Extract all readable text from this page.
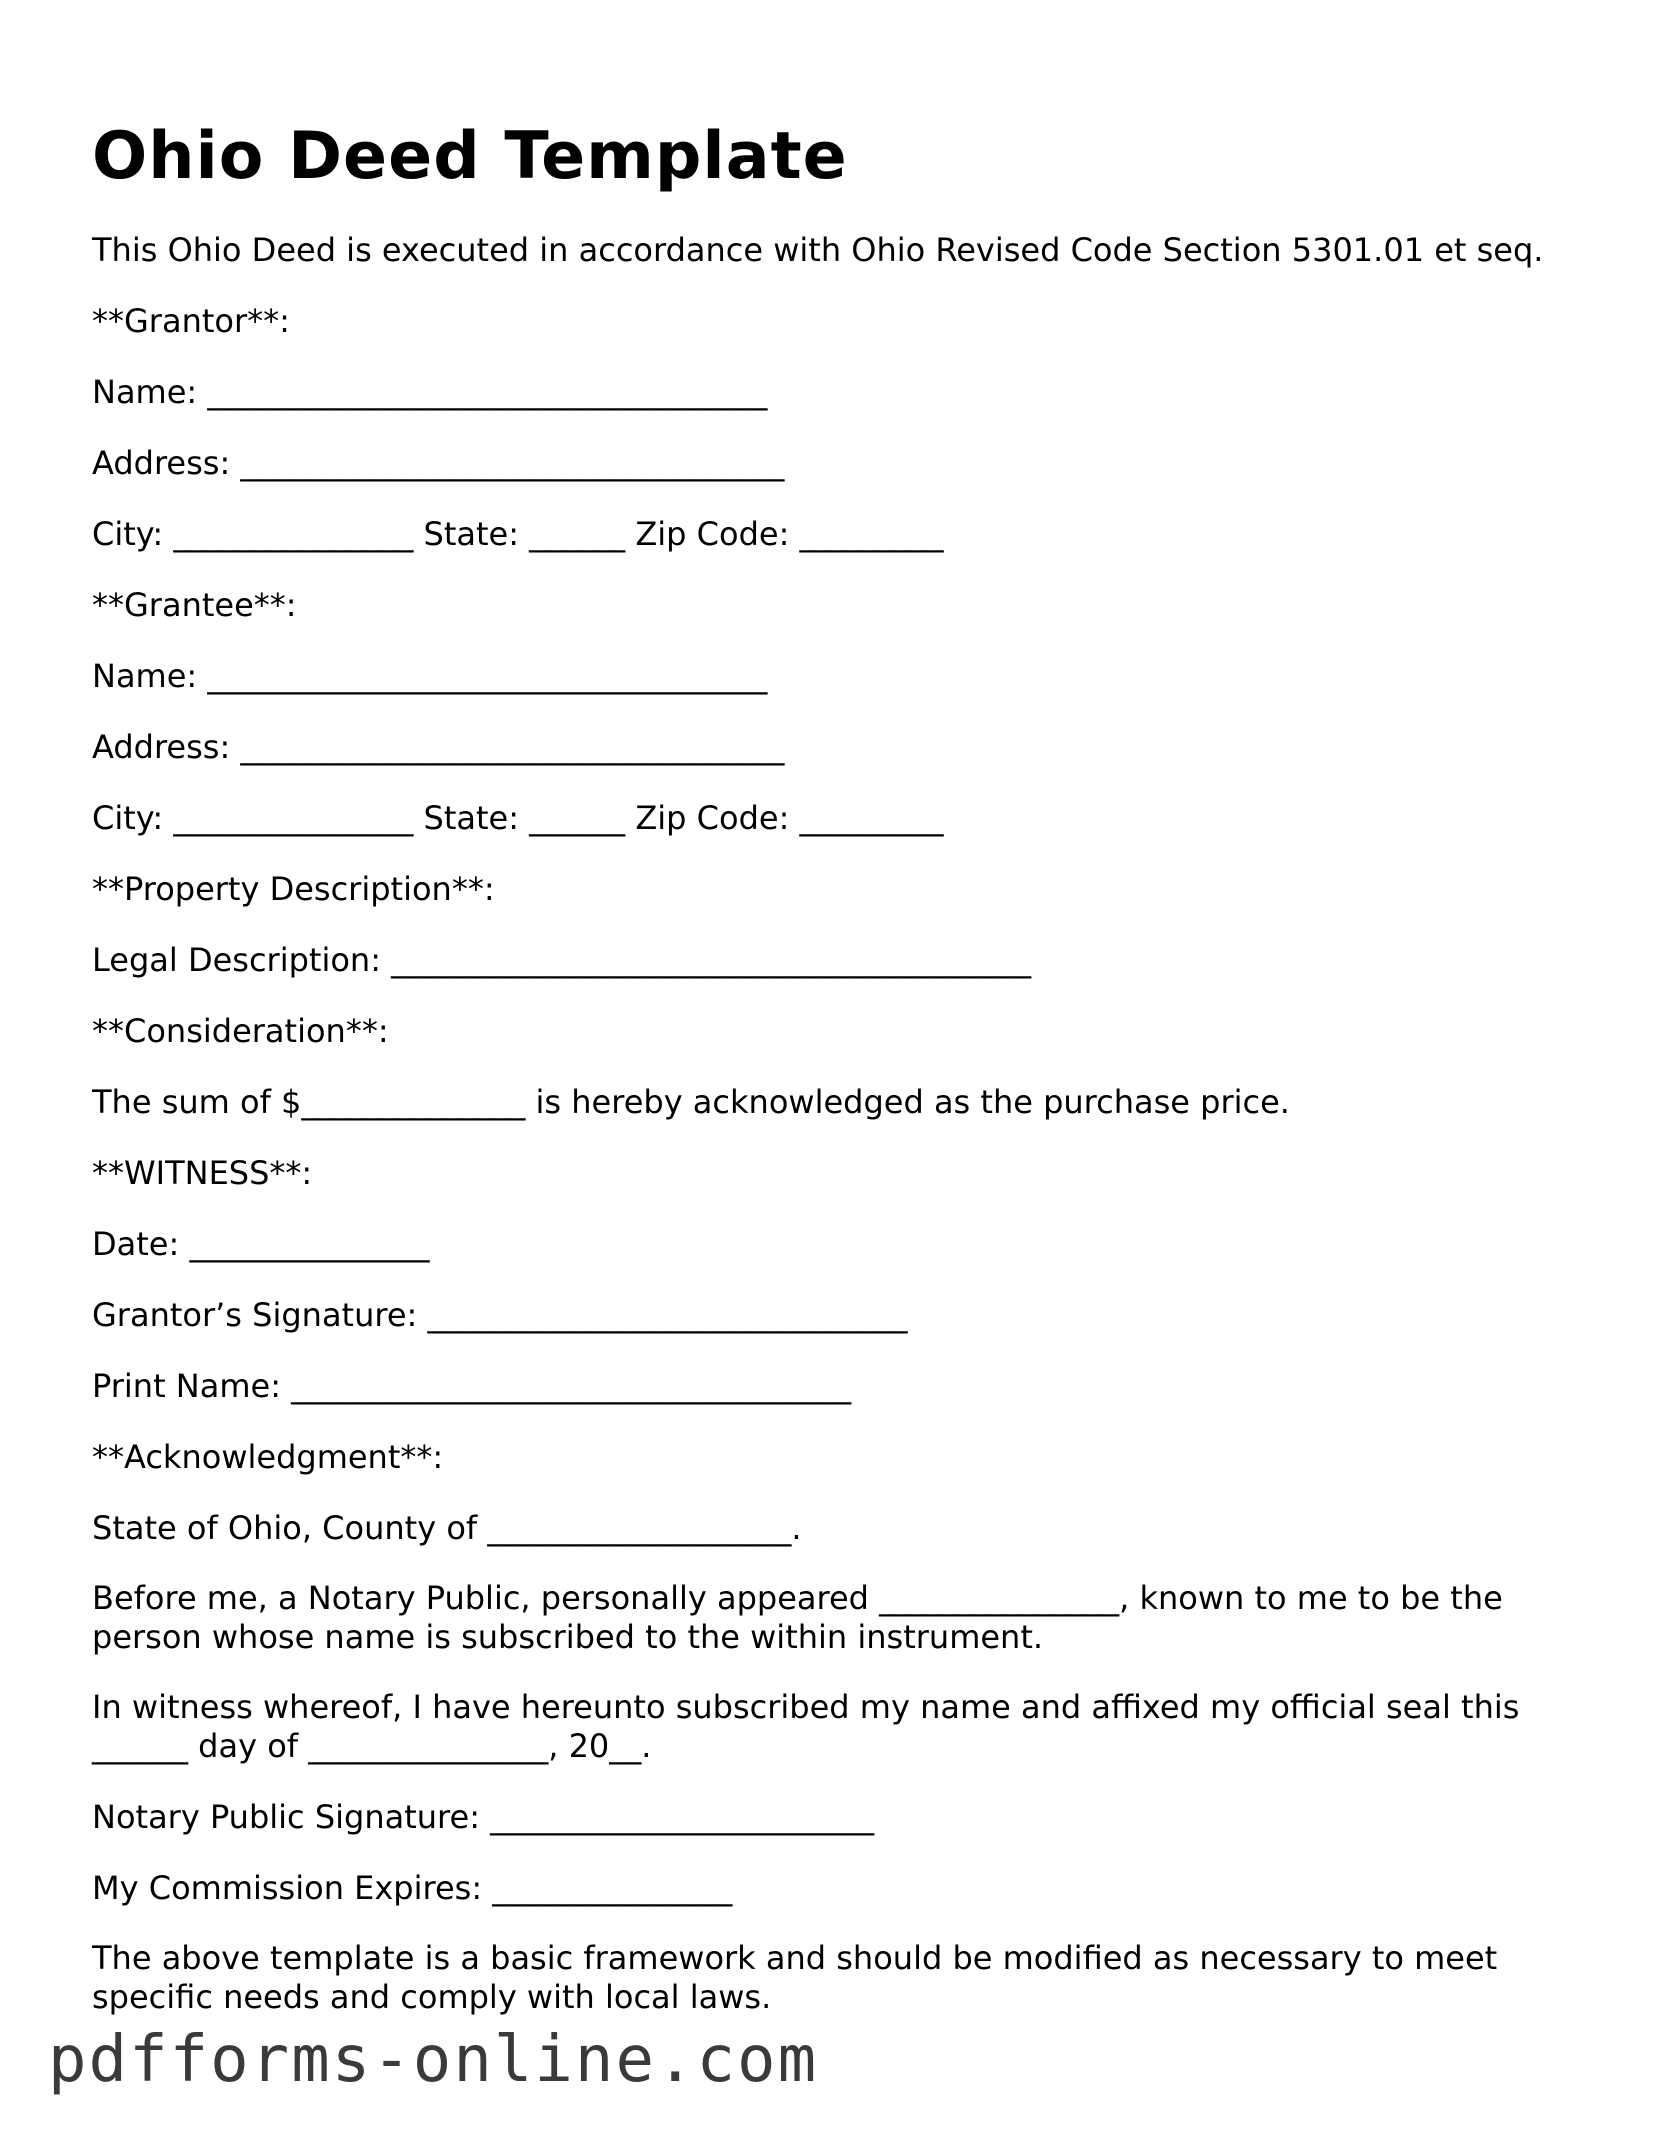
Ohio Deed Template
This Ohio Deed is executed in accordance with Ohio Revised Code Section 5301.01 et seq.
**Grantor**:
Name: ___________________________________
Address: __________________________________
City: _______________ State: ______ Zip Code: _________
**Grantee**:
Name: ___________________________________
Address: __________________________________
City: _______________ State: ______ Zip Code: _________
**Property Description**:
Legal Description: ________________________________________
**Consideration**:
The sum of $______________ is hereby acknowledged as the purchase price.
**WITNESS**:
Date: _______________
Grantor’s Signature: ______________________________
Print Name: ___________________________________
**Acknowledgment**:
State of Ohio, County of ___________________.
Before me, a Notary Public, personally appeared _______________, known to me to be the person whose name is subscribed to the within instrument.
In witness whereof, I have hereunto subscribed my name and affixed my official seal this ______ day of _______________, 20__.
Notary Public Signature: ________________________
My Commission Expires: _______________
The above template is a basic framework and should be modified as necessary to meet specific needs and comply with local laws.
pdfforms-online.com
